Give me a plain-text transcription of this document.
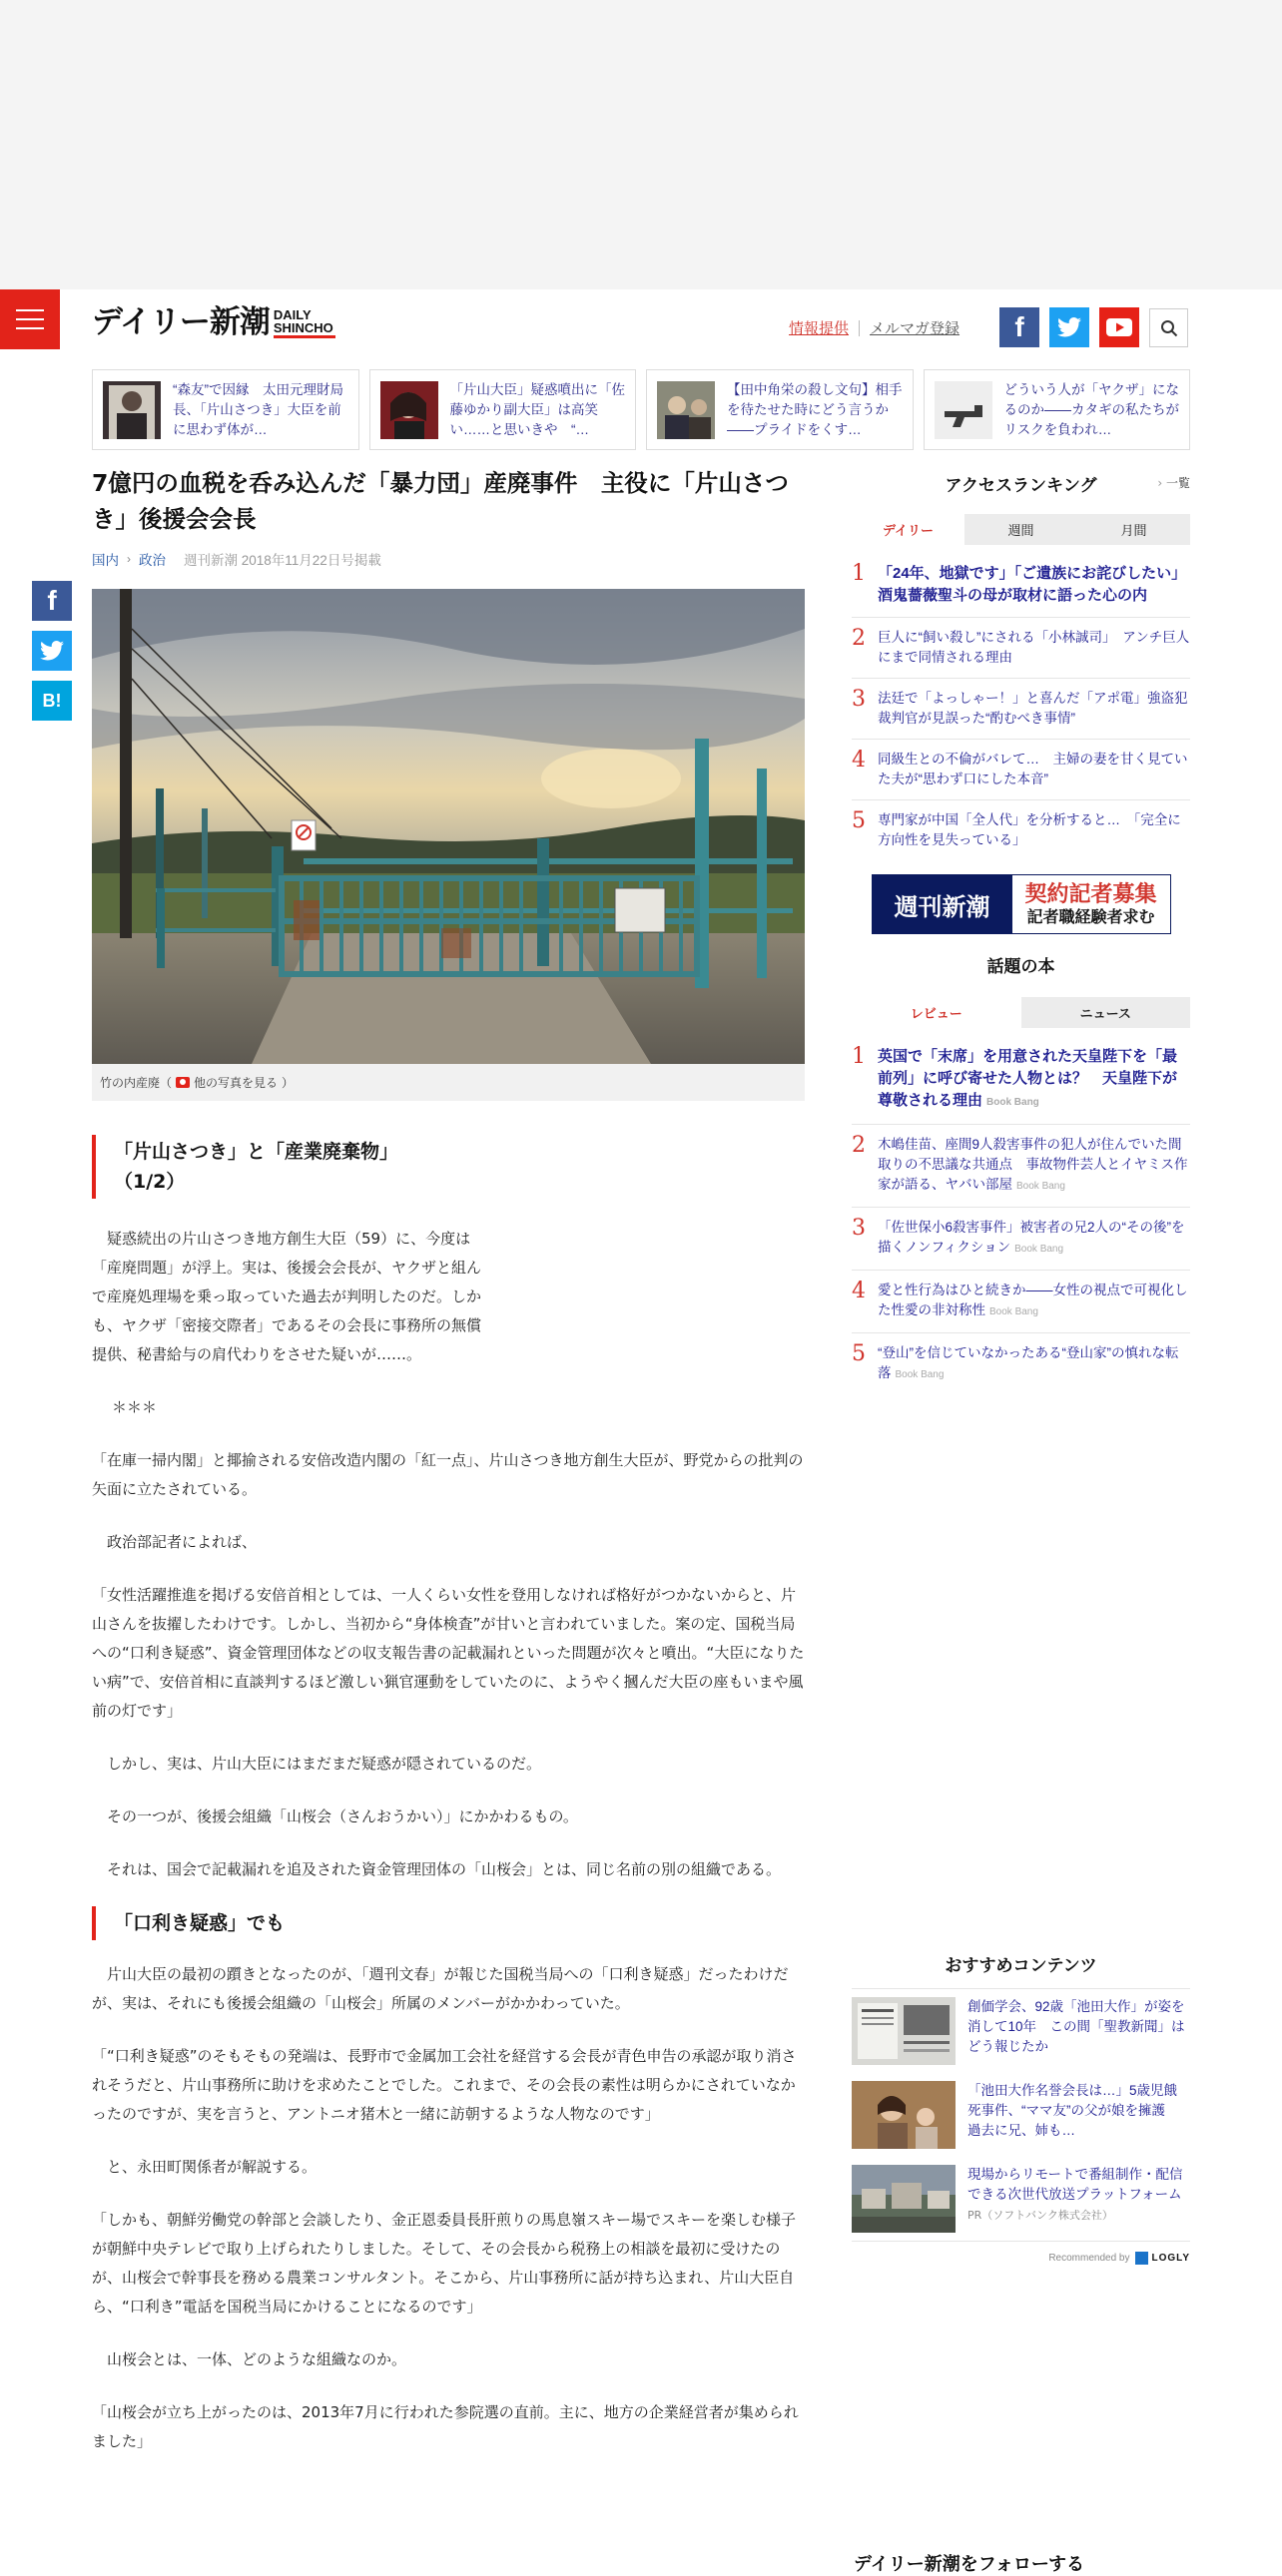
デイリー新潮 DAILY SHINCHO	情報提供 メルマガ登録 f
“森友”で因縁　太田元理財局長、「片山さつき」大臣を前に思わず体が…
「片山大臣」疑惑噴出に「佐藤ゆかり副大臣」は高笑い……と思いきや　“…
【田中角栄の殺し文句】相手を待たせた時にどう言うか――プライドをくす…
どういう人が「ヤクザ」になるのか――カタギの私たちがリスクを負われ…
f
B!
7億円の血税を呑み込んだ「暴力団」産廃事件　主役に「片山さつき」後援会会長
国内 › 政治 週刊新潮 2018年11月22日号掲載
竹の内産廃（ 他の写真を見る ）
「片山さつき」と「産業廃棄物」（1/2）

疑惑続出の片山さつき地方創生大臣（59）に、今度は「産廃問題」が浮上。実は、後援会会長が、ヤクザと組んで産廃処理場を乗っ取っていた過去が判明したのだ。しかも、ヤクザ「密接交際者」であるその会長に事務所の無償提供、秘書給与の肩代わりをさせた疑いが……。

＊＊＊

「在庫一掃内閣」と揶揄される安倍改造内閣の「紅一点」、片山さつき地方創生大臣が、野党からの批判の矢面に立たされている。

政治部記者によれば、

「女性活躍推進を掲げる安倍首相としては、一人くらい女性を登用しなければ格好がつかないからと、片山さんを抜擢したわけです。しかし、当初から“身体検査”が甘いと言われていました。案の定、国税当局への“口利き疑惑”、資金管理団体などの収支報告書の記載漏れといった問題が次々と噴出。“大臣になりたい病”で、安倍首相に直談判するほど激しい猟官運動をしていたのに、ようやく摑んだ大臣の座もいまや風前の灯です」

しかし、実は、片山大臣にはまだまだ疑惑が隠されているのだ。

その一つが、後援会組織「山桜会（さんおうかい）」にかかわるもの。

それは、国会で記載漏れを追及された資金管理団体の「山桜会」とは、同じ名前の別の組織である。

「口利き疑惑」でも

片山大臣の最初の躓きとなったのが、「週刊文春」が報じた国税当局への「口利き疑惑」だったわけだが、実は、それにも後援会組織の「山桜会」所属のメンバーがかかわっていた。

「“口利き疑惑”のそもそもの発端は、長野市で金属加工会社を経営する会長が青色申告の承認が取り消されそうだと、片山事務所に助けを求めたことでした。これまで、その会長の素性は明らかにされていなかったのですが、実を言うと、アントニオ猪木と一緒に訪朝するような人物なのです」

と、永田町関係者が解説する。

「しかも、朝鮮労働党の幹部と会談したり、金正恩委員長肝煎りの馬息嶺スキー場でスキーを楽しむ様子が朝鮮中央テレビで取り上げられたりしました。そして、その会長から税務上の相談を最初に受けたのが、山桜会で幹事長を務める農業コンサルタント。そこから、片山事務所に話が持ち込まれ、片山大臣自ら、“口利き”電話を国税当局にかけることになるのです」

山桜会とは、一体、どのような組織なのか。

「山桜会が立ち上がったのは、2013年7月に行われた参院選の直前。主に、地方の企業経営者が集められました」

アクセスランキング	› 一覧
デイリー	週間	月間
1 「24年、地獄です」「ご遺族にお詫びしたい」　酒鬼薔薇聖斗の母が取材に語った心の内
2 巨人に“飼い殺し”にされる「小林誠司」　アンチ巨人にまで同情される理由
3 法廷で「よっしゃー！」と喜んだ「アポ電」強盗犯　裁判官が見誤った“酌むべき事情”
4 同級生との不倫がバレて…　主婦の妻を甘く見ていた夫が“思わず口にした本音”
5 専門家が中国「全人代」を分析すると…　「完全に方向性を見失っている」
週刊新潮	契約記者募集
記者職経験者求む
話題の本
レビュー	ニュース
1 英国で「末席」を用意された天皇陛下を「最前列」に呼び寄せた人物とは？　天皇陛下が尊敬される理由 Book Bang
2 木嶋佳苗、座間9人殺害事件の犯人が住んでいた間取りの不思議な共通点　事故物件芸人とイヤミス作家が語る、ヤバい部屋 Book Bang
3 「佐世保小6殺害事件」被害者の兄2人の“その後”を描くノンフィクション Book Bang
4 愛と性行為はひと続きか――女性の視点で可視化した性愛の非対称性 Book Bang
5 “登山”を信じていなかったある“登山家”の慎れな転落 Book Bang
おすすめコンテンツ
創価学会、92歳「池田大作」が姿を消して10年　この間「聖教新聞」はどう報じたか
「池田大作名誉会長は…」5歳児餓死事件、“ママ友”の父が娘を擁護　過去に兄、姉も…
現場からリモートで番組制作・配信できる次世代放送プラットフォーム
PR（ソフトバンク株式会社）
Recommended by LOGLY
デイリー新潮をフォローする
